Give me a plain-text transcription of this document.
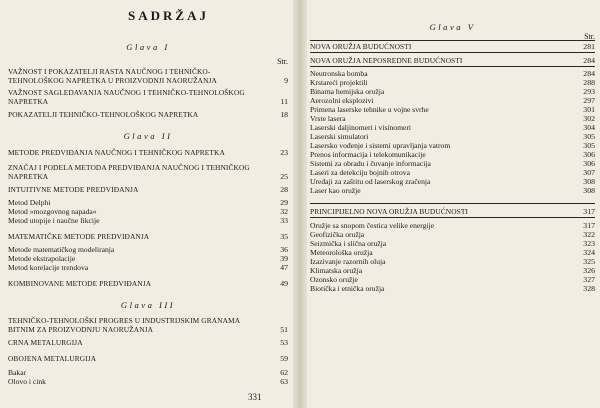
SADRŽAJ
Glava I
Str.
VAŽNOST I POKAZATELJI RASTA NAUČNOG I TEHNIČKO-TEHNOLOŠKOG NAPRETKA U PROIZVODNJI NAORUŽANJA	9
VAŽNOST SAGLEDAVANJA NAUČNOG I TEHNIČKO-TEHNOLOŠKOG NAPRETKA	11
POKAZATELJI TEHNIČKO-TEHNOLOŠKOG NAPRETKA	18
Glava II
METODE PREDVIĐANJA NAUČNOG I TEHNIČKOG NAPRETKA	23
ZNAČAJ I PODELA METODA PREDVIĐANJA NAUČNOG I TEHNIČKOG NAPRETKA	25
INTUITIVNE METODE PREDVIĐANJA	28
Metod Delphi	29
Metod »mozgovnog napada«	32
Metod utopije i naučne fikcije	33
MATEMATIČKE METODE PREDVIĐANJA	35
Metode matematičkog modeliranja	36
Metode ekstrapolacije	39
Metod korelacije trendova	47
KOMBINOVANE METODE PREDVIĐANJA	49
Glava III
TEHNIČKO-TEHNOLOŠKI PROGRES U INDUSTRIJSKIM GRANAMA BITNIM ZA PROIZVODNJU NAORUŽANJA	51
CRNA METALURGIJA	53
OBOJENA METALURGIJA	59
Bakar	62
Olovo i cink	63
331
Glava V
Str.
NOVA ORUŽJA BUDUĆNOSTI	281
NOVA ORUŽJA NEPOSREDNE BUDUĆNOSTI	284
Neutronska bomba	284
Krstareći projektili	288
Binarna hemijska oružja	293
Aerozolni eksplozivi	297
Primena laserske tehnike u vojne svrhe	301
Vrste lasera	302
Laserski daljinomeri i visinomeri	304
Laserski simulatori	305
Lasersko vođenje i sistemi upravljanja vatrom	305
Prenos informacija i telekomunikacije	306
Sistemi za obradu i čuvanje informacija	306
Laseri za detekciju bojnih otrova	307
Uređaji za zaštitu od laserskog zračenja	308
Laser kao oružje	308
PRINCIPIJELNO NOVA ORUŽJA BUDUĆNOSTI	317
Oružje sa snopom čestica velike energije	317
Geofizička oružja	322
Seizmička i slična oružja	323
Meteorološka oružja	324
Izazivanje razornih oluja	325
Klimatska oružja	326
Ozonsko oružje	327
Biotička i etnička oružja	328
